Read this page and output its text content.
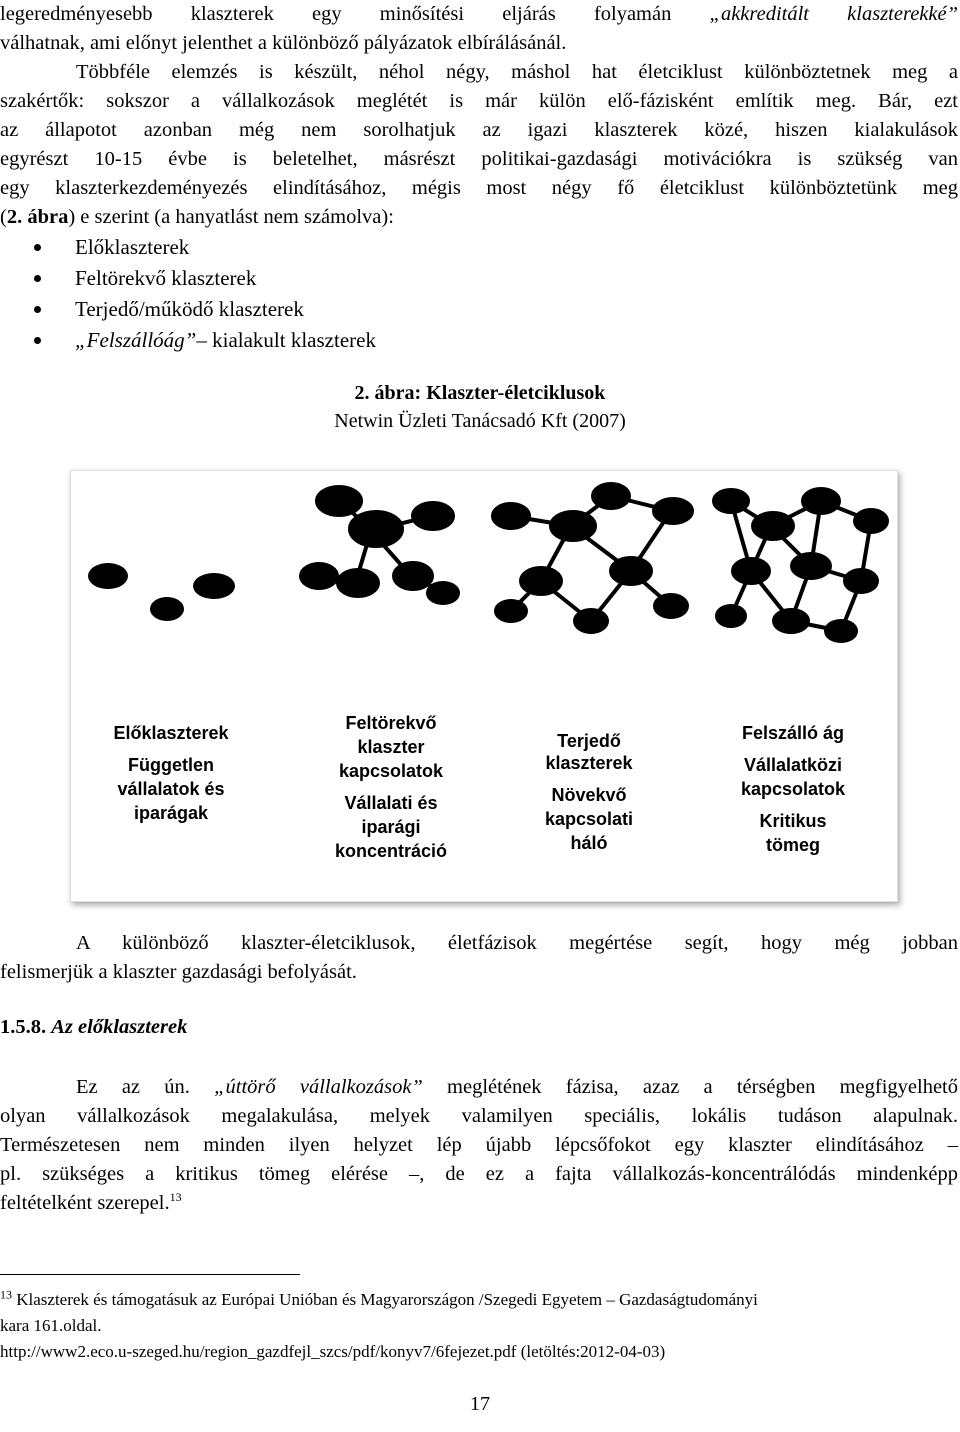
legeredményesebb klaszterek egy minősítési eljárás folyamán „akkreditált klaszterekké”
válhatnak, ami előnyt jelenthet a különböző pályázatok elbírálásánál.
Többféle elemzés is készült, néhol négy, máshol hat életciklust különböztetnek meg a
szakértők: sokszor a vállalkozások meglétét is már külön elő-fázisként említik meg. Bár, ezt
az állapotot azonban még nem sorolhatjuk az igazi klaszterek közé, hiszen kialakulások
egyrészt 10-15 évbe is beletelhet, másrészt politikai-gazdasági motivációkra is szükség van
egy klaszterkezdeményezés elindításához, mégis most négy fő életciklust különböztetünk meg
(2. ábra) e szerint (a hanyatlást nem számolva):
Előklaszterek
Feltörekvő klaszterek
Terjedő/működő klaszterek
„Felszállóág” – kialakult klaszterek
2. ábra: Klaszter-életciklusok
Netwin Üzleti Tanácsadó Kft (2007)
Előklaszterek
Független
vállalatok és
iparágak
Feltörekvő
klaszter
kapcsolatok
Vállalati és
iparági
koncentráció
Terjedő
klaszterek
Növekvő
kapcsolati
háló
Felszálló ág
Vállalatközi
kapcsolatok
Kritikus
tömeg
A különböző klaszter-életciklusok, életfázisok megértése segít, hogy még jobban
felismerjük a klaszter gazdasági befolyását.
1.5.8. Az előklaszterek
Ez az ún. „úttörő vállalkozások” meglétének fázisa, azaz a térségben megfigyelhető
olyan vállalkozások megalakulása, melyek valamilyen speciális, lokális tudáson alapulnak.
Természetesen nem minden ilyen helyzet lép újabb lépcsőfokot egy klaszter elindításához –
pl. szükséges a kritikus tömeg elérése –, de ez a fajta vállalkozás-koncentrálódás mindenképp
feltételként szerepel.$^{13}$
$^{13}$ Klaszterek és támogatásuk az Európai Unióban és Magyarországon /Szegedi Egyetem – Gazdaságtudományi
kara 161.oldal.
http://www2.eco.u-szeged.hu/region_gazdfejl_szcs/pdf/konyv7/6fejezet.pdf (letöltés:2012-04-03)
17
